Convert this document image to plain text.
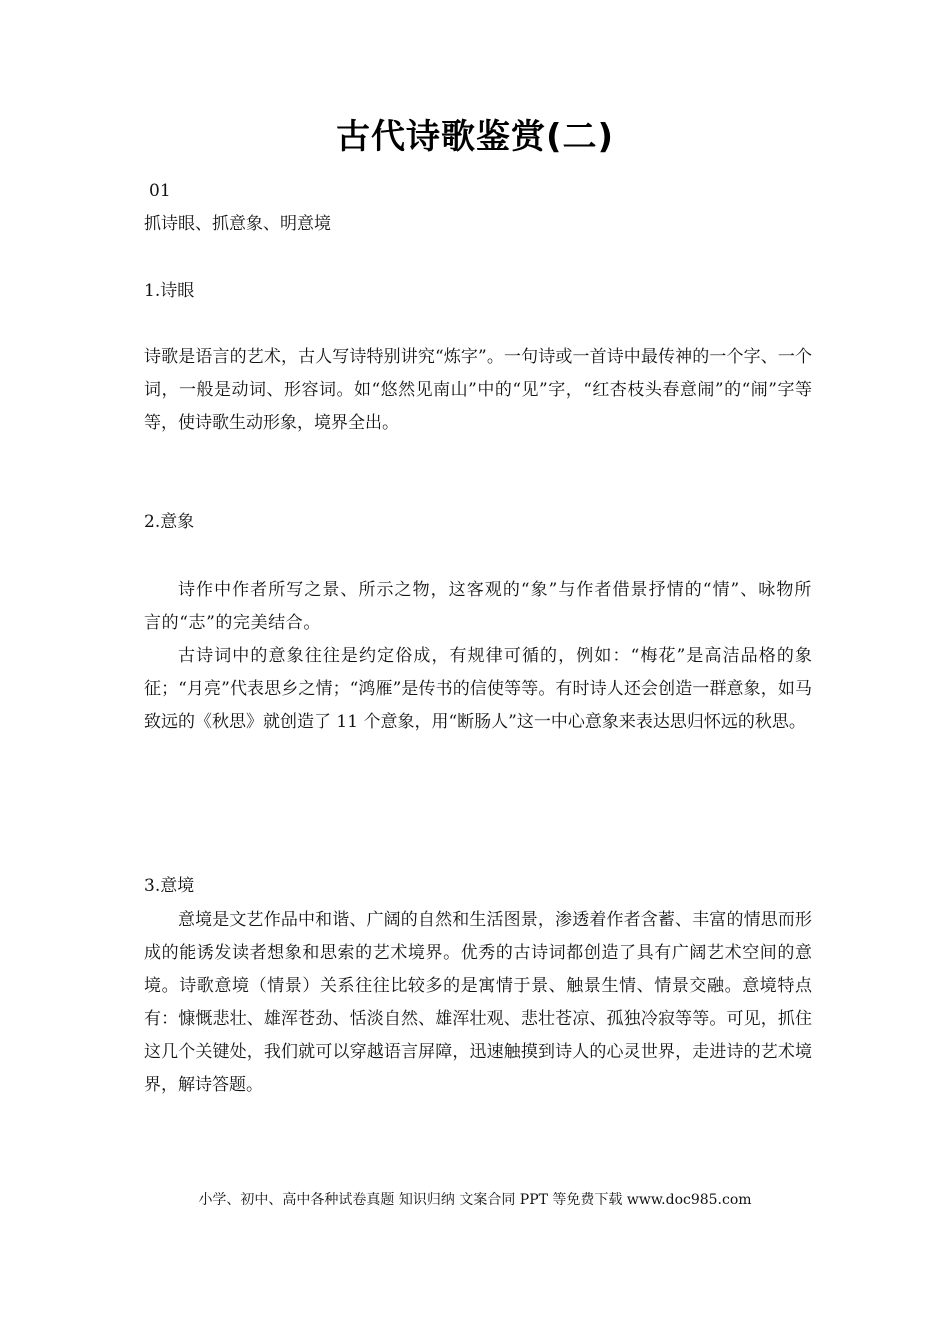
古代诗歌鉴赏(二)
01
抓诗眼、抓意象、明意境
1.诗眼
诗歌是语言的艺术，古人写诗特别讲究“炼字”。一句诗或一首诗中最传神的一个字、一个词，一般是动词、形容词。如“悠然见南山”中的“见”字，“红杏枝头春意闹”的“闹”字等等，使诗歌生动形象，境界全出。
2.意象
诗作中作者所写之景、所示之物，这客观的“象”与作者借景抒情的“情”、咏物所言的“志”的完美结合。
古诗词中的意象往往是约定俗成，有规律可循的，例如：“梅花”是高洁品格的象征；“月亮”代表思乡之情；“鸿雁”是传书的信使等等。有时诗人还会创造一群意象，如马致远的《秋思》就创造了 11 个意象，用“断肠人”这一中心意象来表达思归怀远的秋思。
3.意境
意境是文艺作品中和谐、广阔的自然和生活图景，渗透着作者含蓄、丰富的情思而形成的能诱发读者想象和思索的艺术境界。优秀的古诗词都创造了具有广阔艺术空间的意境。诗歌意境（情景）关系往往比较多的是寓情于景、触景生情、情景交融。意境特点有：慷慨悲壮、雄浑苍劲、恬淡自然、雄浑壮观、悲壮苍凉、孤独冷寂等等。可见，抓住这几个关键处，我们就可以穿越语言屏障，迅速触摸到诗人的心灵世界，走进诗的艺术境界，解诗答题。
小学、初中、高中各种试卷真题 知识归纳 文案合同 PPT 等免费下载 www.doc985.com
